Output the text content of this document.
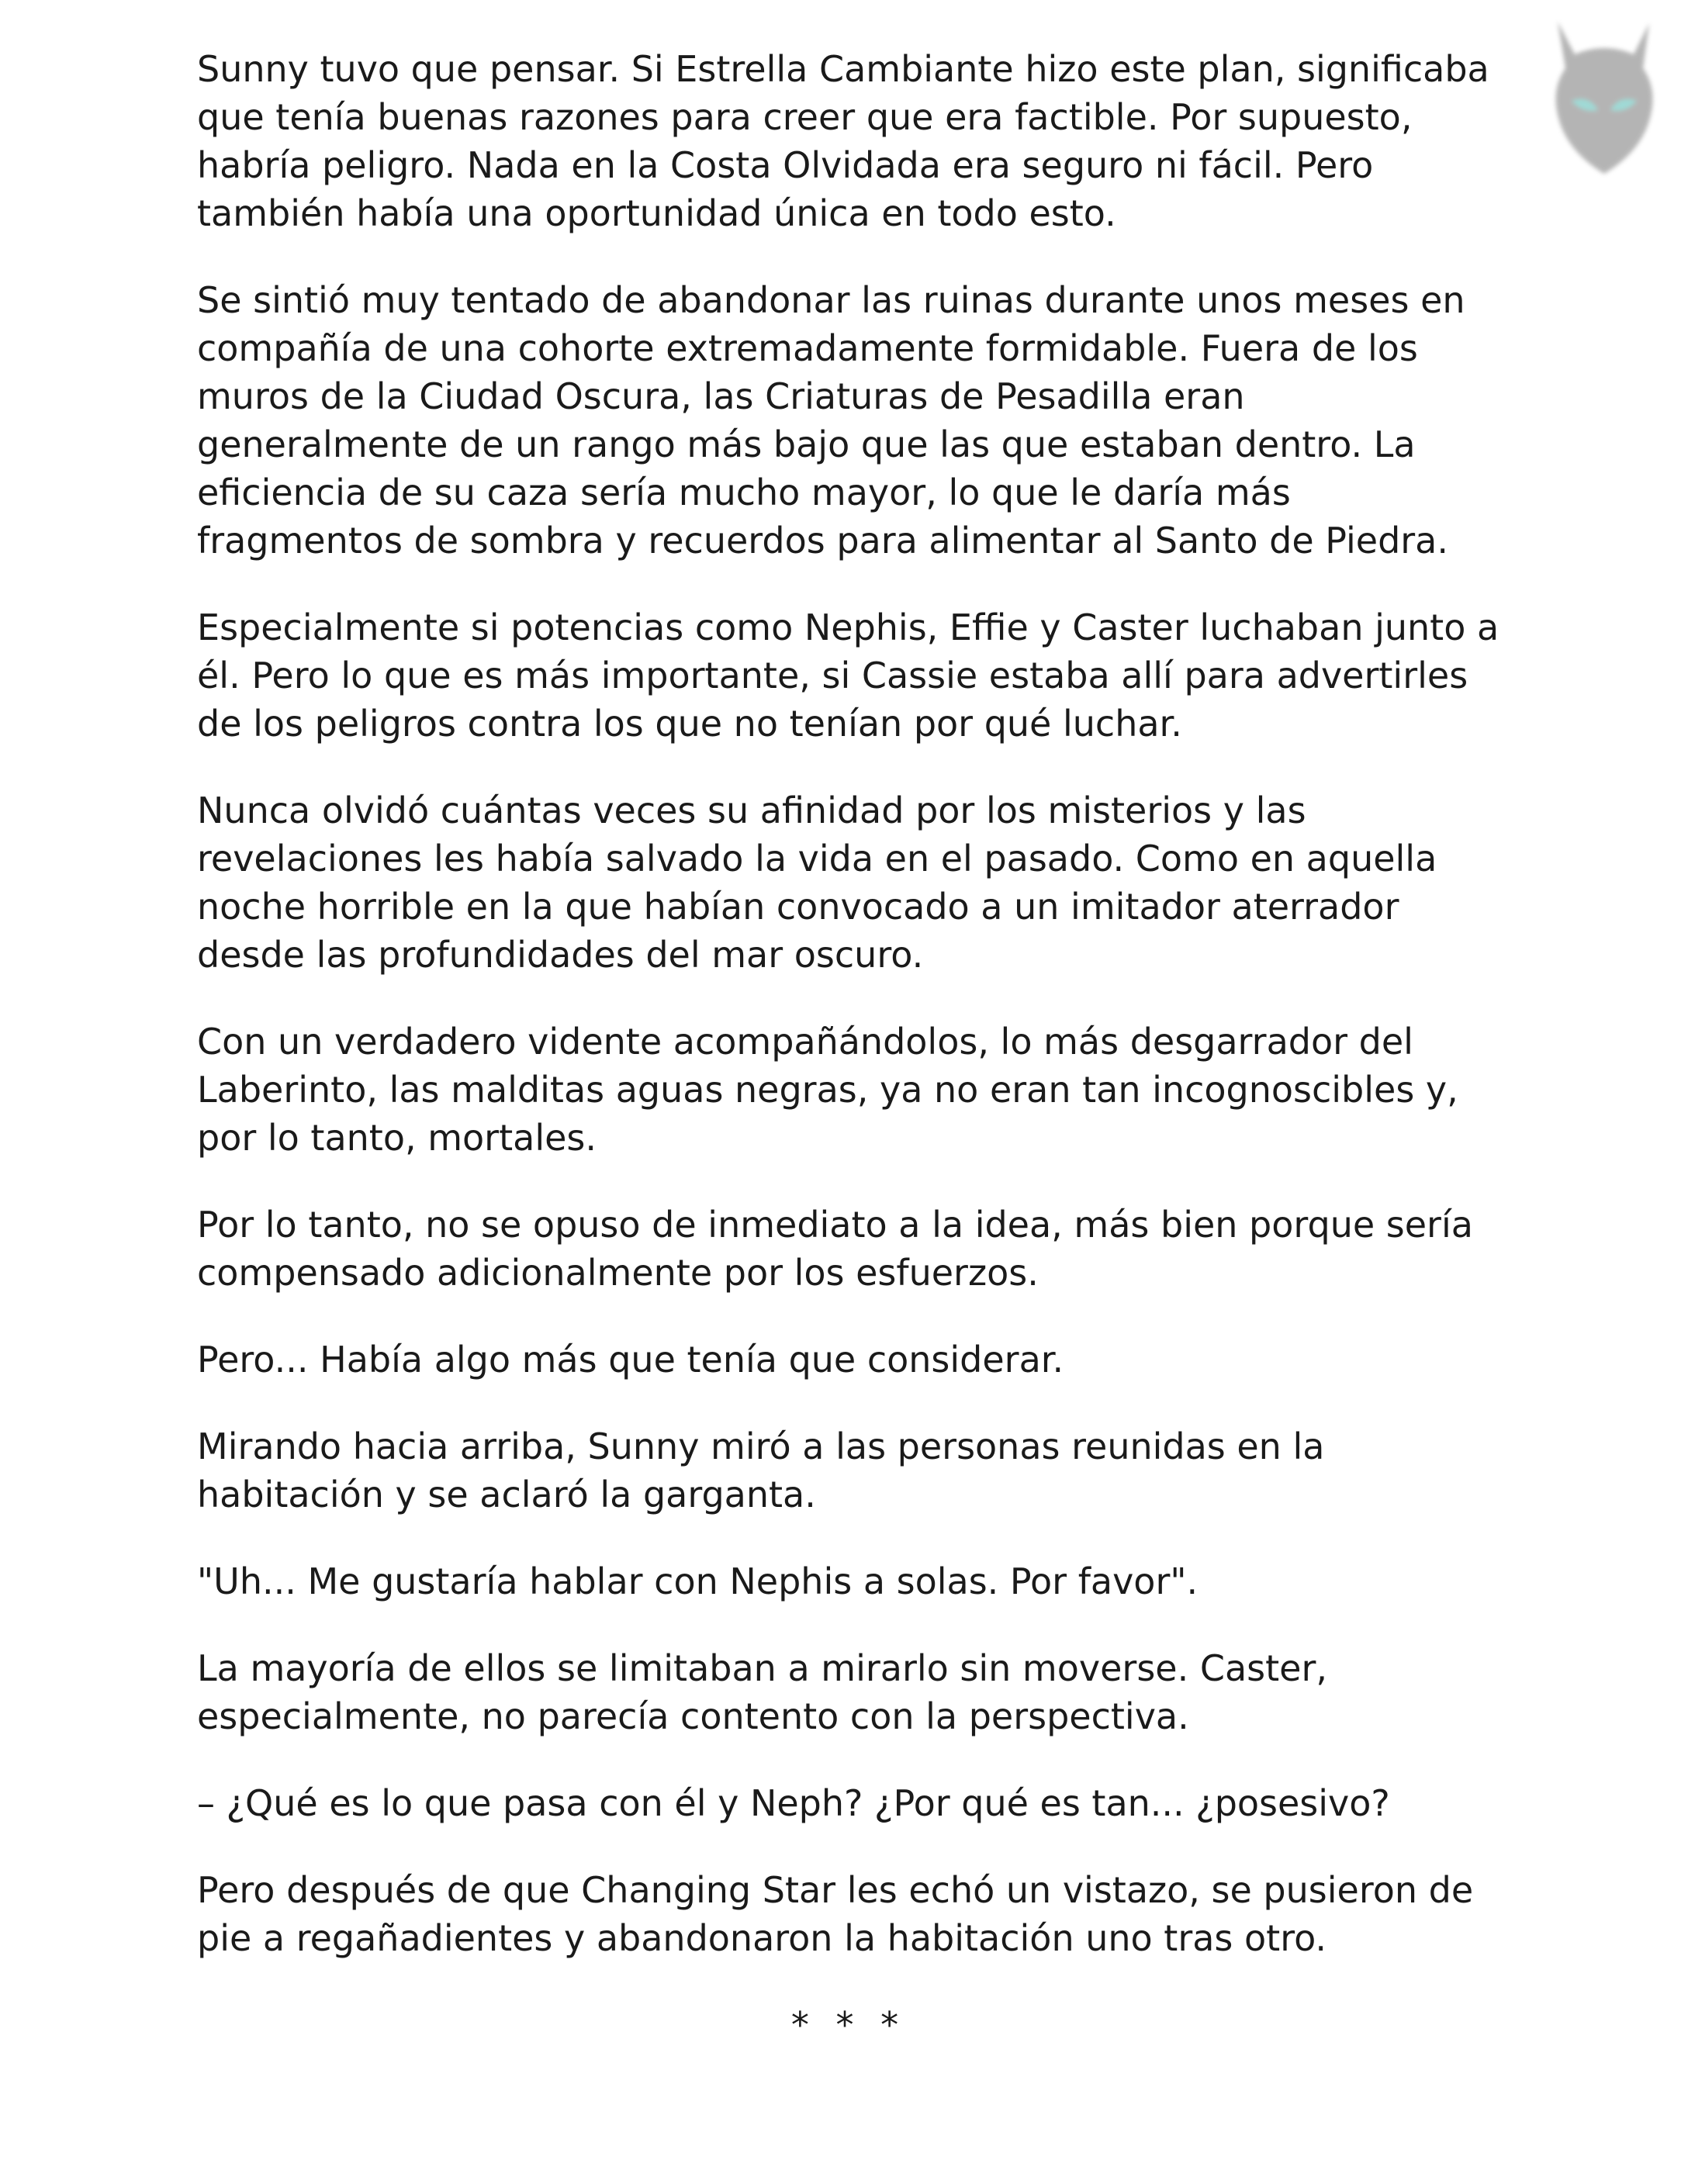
Sunny tuvo que pensar. Si Estrella Cambiante hizo este plan, significaba que tenía buenas razones para creer que era factible. Por supuesto, habría peligro. Nada en la Costa Olvidada era seguro ni fácil. Pero también había una oportunidad única en todo esto.

Se sintió muy tentado de abandonar las ruinas durante unos meses en compañía de una cohorte extremadamente formidable. Fuera de los muros de la Ciudad Oscura, las Criaturas de Pesadilla eran generalmente de un rango más bajo que las que estaban dentro. La eficiencia de su caza sería mucho mayor, lo que le daría más fragmentos de sombra y recuerdos para alimentar al Santo de Piedra.

Especialmente si potencias como Nephis, Effie y Caster luchaban junto a él. Pero lo que es más importante, si Cassie estaba allí para advertirles de los peligros contra los que no tenían por qué luchar.

Nunca olvidó cuántas veces su afinidad por los misterios y las revelaciones les había salvado la vida en el pasado. Como en aquella noche horrible en la que habían convocado a un imitador aterrador desde las profundidades del mar oscuro.

Con un verdadero vidente acompañándolos, lo más desgarrador del Laberinto, las malditas aguas negras, ya no eran tan incognoscibles y, por lo tanto, mortales.

Por lo tanto, no se opuso de inmediato a la idea, más bien porque sería compensado adicionalmente por los esfuerzos.

Pero... Había algo más que tenía que considerar.

Mirando hacia arriba, Sunny miró a las personas reunidas en la habitación y se aclaró la garganta.

"Uh... Me gustaría hablar con Nephis a solas. Por favor".

La mayoría de ellos se limitaban a mirarlo sin moverse. Caster, especialmente, no parecía contento con la perspectiva.

– ¿Qué es lo que pasa con él y Neph? ¿Por qué es tan... ¿posesivo?

Pero después de que Changing Star les echó un vistazo, se pusieron de pie a regañadientes y abandonaron la habitación uno tras otro.

* * *
